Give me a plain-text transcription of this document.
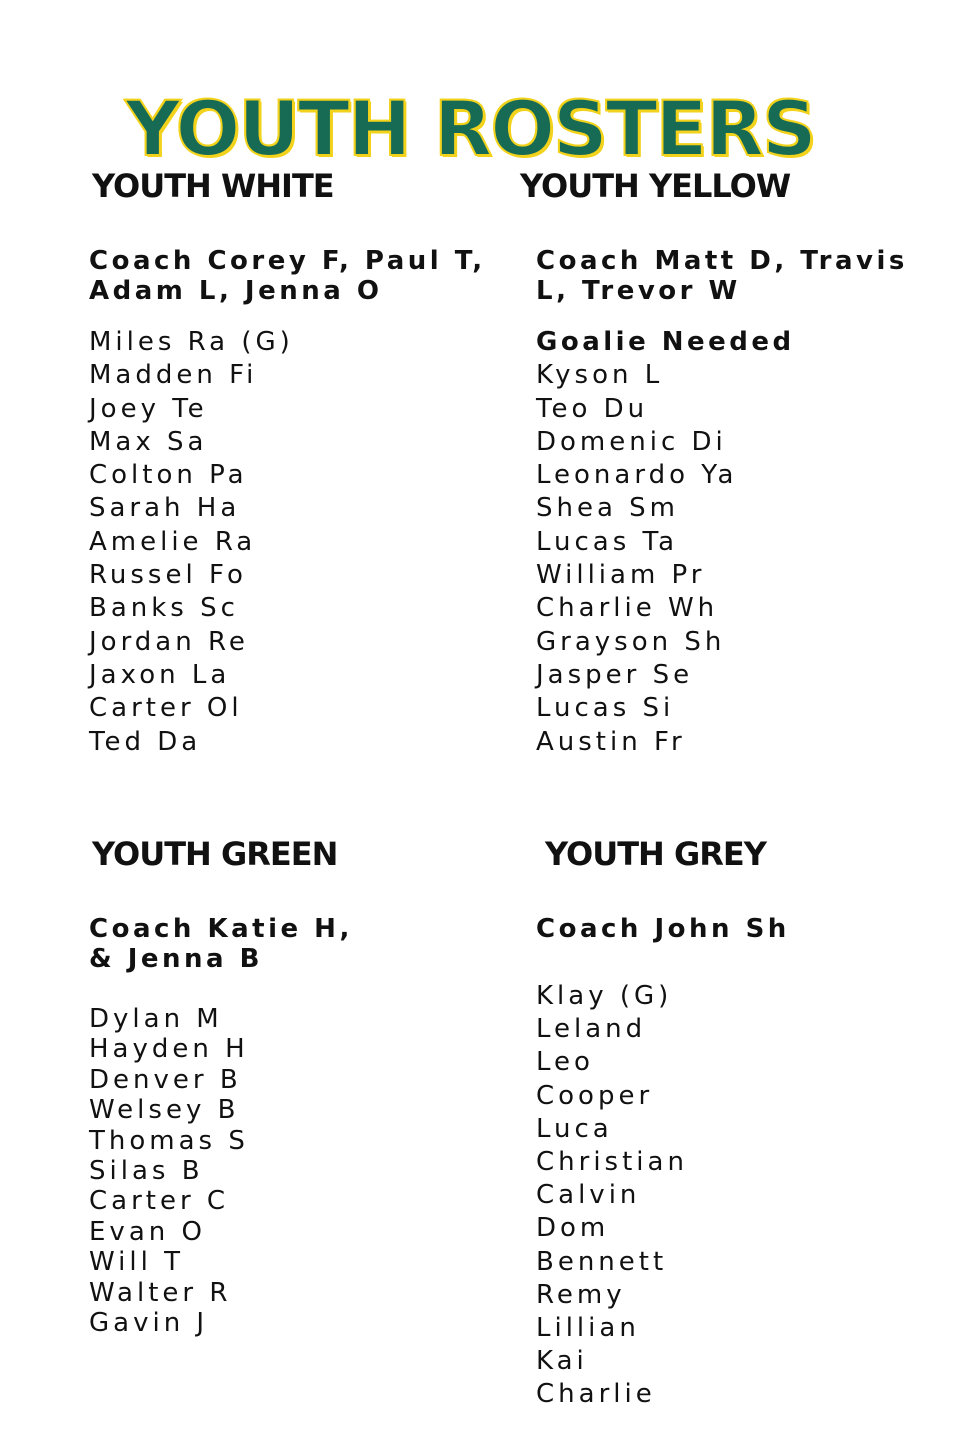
YOUTH ROSTERS
YOUTH WHITE

Coach Corey F, Paul T, Adam L, Jenna O

Miles Ra (G)
Madden Fi
Joey Te
Max Sa
Colton Pa
Sarah Ha
Amelie Ra
Russel Fo
Banks Sc
Jordan Re
Jaxon La
Carter Ol
Ted Da
YOUTH YELLOW

Coach Matt D, Travis L, Trevor W

Goalie Needed
Kyson L
Teo Du
Domenic Di
Leonardo Ya
Shea Sm
Lucas Ta
William Pr
Charlie Wh
Grayson Sh
Jasper Se
Lucas Si
Austin Fr
YOUTH GREEN

Coach Katie H, & Jenna B

Dylan M
Hayden H
Denver B
Welsey B
Thomas S
Silas B
Carter C
Evan O
Will T
Walter R
Gavin J
YOUTH GREY

Coach John Sh

Klay (G)
Leland
Leo
Cooper
Luca
Christian
Calvin
Dom
Bennett
Remy
Lillian
Kai
Charlie
